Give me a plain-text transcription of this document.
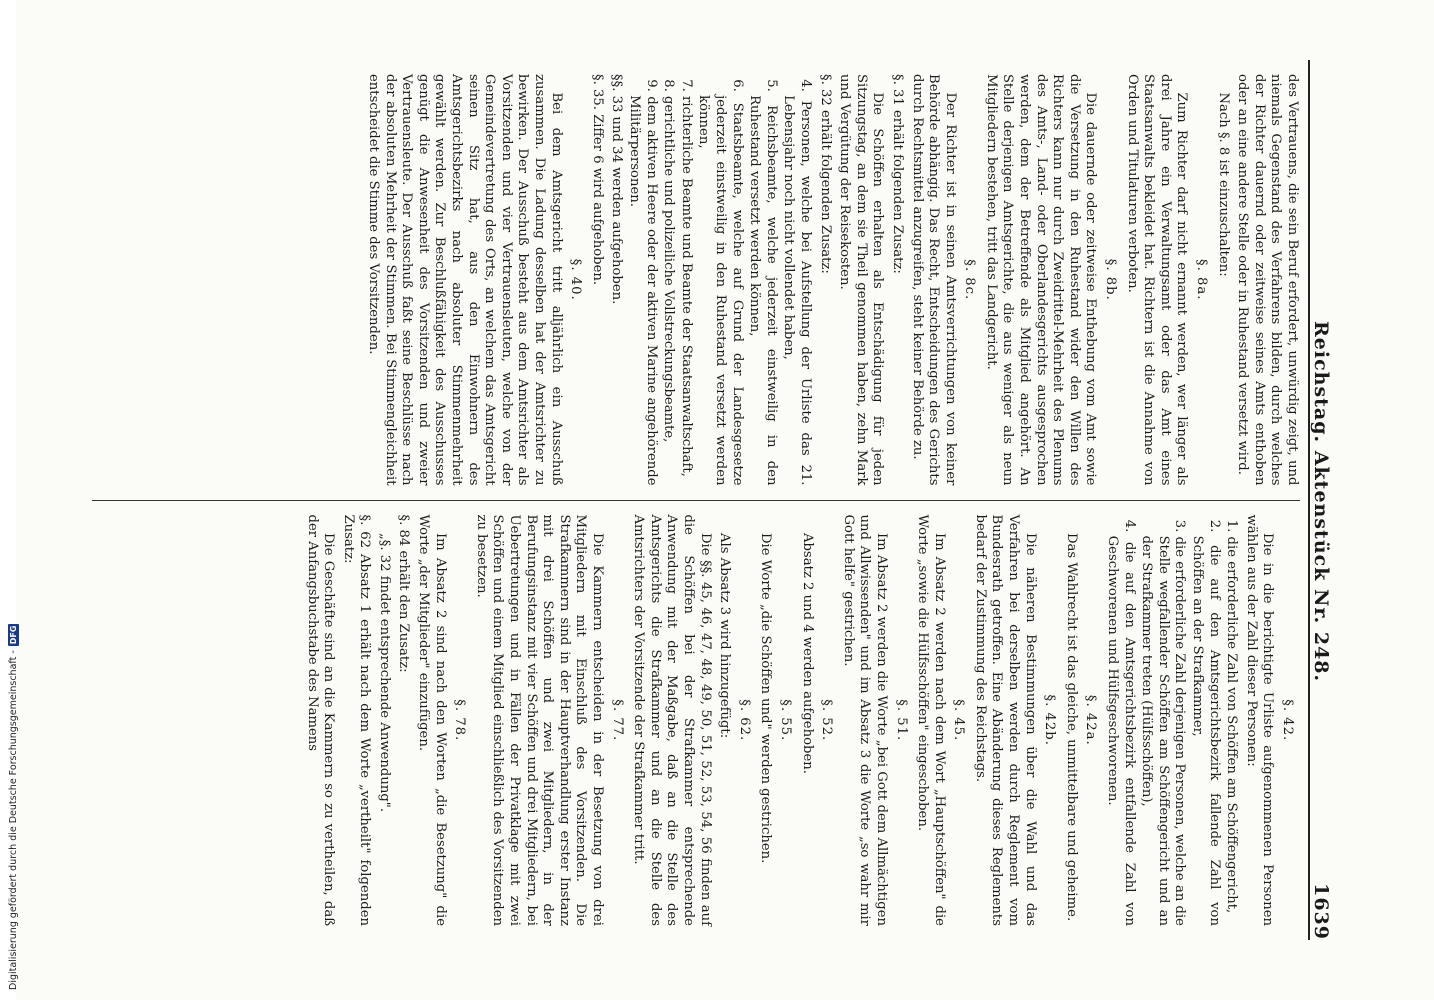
Reichstag. Aktenstück Nr. 248.
1639

des Vertrauens, die sein Beruf erfordert, unwürdig zeigt, und niemals Gegenstand des Verfahrens bilden, durch welches der Richter dauernd oder zeitweise seines Amts enthoben oder an eine andere Stelle oder in Ruhestand versetzt wird.

Nach §. 8 ist einzuschalten:

§. 8a.

Zum Richter darf nicht ernannt werden, wer länger als drei Jahre ein Verwaltungsamt oder das Amt eines Staatsanwalts bekleidet hat. Richtern ist die Annahme von Orden und Titulaturen verboten.

§. 8b.

Die dauernde oder zeitweise Enthebung vom Amt sowie die Versetzung in den Ruhestand wider den Willen des Richters kann nur durch Zweidrittel-Mehrheit des Plenums des Amts-, Land- oder Oberlandesgerichts ausgesprochen werden, dem der Betreffende als Mitglied angehört. An Stelle derjenigen Amtsgerichte, die aus weniger als neun Mitgliedern bestehen, tritt das Landgericht.

§. 8c.

Der Richter ist in seinen Amtsverrichtungen von keiner Behörde abhängig. Das Recht, Entscheidungen des Gerichts durch Rechtsmittel anzugreifen, steht keiner Behörde zu.

§. 31 erhält folgenden Zusatz:

Die Schöffen erhalten als Entschädigung für jeden Sitzungstag, an dem sie Theil genommen haben, zehn Mark und Vergütung der Reisekosten.

§. 32 erhält folgenden Zusatz:

4. Personen, welche bei Aufstellung der Urliste das 21. Lebensjahr noch nicht vollendet haben,
5. Reichsbeamte, welche jederzeit einstweilig in den Ruhestand versetzt werden können,
6. Staatsbeamte, welche auf Grund der Landesgesetze jederzeit einstweilig in den Ruhestand versetzt werden können,
7. richterliche Beamte und Beamte der Staatsanwaltschaft,
8. gerichtliche und polizeiliche Vollstreckungsbeamte,
9. dem aktiven Heere oder der aktiven Marine angehörende Militärpersonen.

§§. 33 und 34 werden aufgehoben.

§. 35. Ziffer 6 wird aufgehoben.

§. 40.

Bei dem Amtsgericht tritt alljährlich ein Ausschuß zusammen. Die Ladung desselben hat der Amtsrichter zu bewirken. Der Ausschuß besteht aus dem Amtsrichter als Vorsitzenden und vier Vertrauensleuten, welche von der Gemeindevertretung des Orts, an welchem das Amtsgericht seinen Sitz hat, aus den Einwohnern des Amtsgerichtsbezirks nach absoluter Stimmenmehrheit gewählt werden. Zur Beschlußfähigkeit des Ausschusses genügt die Anwesenheit des Vorsitzenden und zweier Vertrauensleute. Der Ausschuß faßt seine Beschlüsse nach der absoluten Mehrheit der Stimmen. Bei Stimmengleichheit entscheidet die Stimme des Vorsitzenden.

§. 42.

Die in die berichtigte Urliste aufgenommenen Personen wählen aus der Zahl dieser Personen:

1. die erforderliche Zahl von Schöffen am Schöffengericht,
2. die auf den Amtsgerichtsbezirk fallende Zahl von Schöffen an der Strafkammer,
3. die erforderliche Zahl derjenigen Personen, welche an die Stelle wegfallender Schöffen am Schöffengericht und an der Strafkammer treten (Hülfsschöffen),
4. die auf den Amtsgerichtsbezirk entfallende Zahl von Geschworenen und Hülfsgeschworenen.
§. 42a.

Das Wahlrecht ist das gleiche, unmittelbare und geheime.

§. 42b.

Die näheren Bestimmungen über die Wahl und das Verfahren bei derselben werden durch Reglement vom Bundesrath getroffen. Eine Abänderung dieses Reglements bedarf der Zustimmung des Reichstags.

§. 45.

Im Absatz 2 werden nach dem Wort „Hauptschöffen" die Worte „sowie die Hülfsschöffen" eingeschoben.

§. 51.

Im Absatz 2 werden die Worte „bei Gott dem Allmächtigen und Allwissenden" und im Absatz 3 die Worte „so wahr mir Gott helfe" gestrichen.

§. 52.

Absatz 2 und 4 werden aufgehoben.

§. 55.

Die Worte „die Schöffen und" werden gestrichen.

§. 62.

Als Absatz 3 wird hinzugefügt:

Die §§. 45, 46, 47, 48, 49, 50, 51, 52, 53, 54, 56 finden auf die Schöffen bei der Strafkammer entsprechende Anwendung mit der Maßgabe, daß an die Stelle des Amtsgerichts die Strafkammer und an die Stelle des Amtsrichters der Vorsitzende der Strafkammer tritt.

§. 77.

Die Kammern entscheiden in der Besetzung von drei Mitgliedern mit Einschluß des Vorsitzenden. Die Strafkammern sind in der Hauptverhandlung erster Instanz mit drei Schöffen und zwei Mitgliedern, in der Berufungsinstanz mit vier Schöffen und drei Mitgliedern, bei Uebertretungen und in Fällen der Privatklage mit zwei Schöffen und einem Mitglied einschließlich des Vorsitzenden zu besetzen.

§. 78.

Im Absatz 2 sind nach den Worten „die Besetzung" die Worte „der Mitglieder" einzufügen.

§. 84 erhält den Zusatz:

„§. 32 findet entsprechende Anwendung".

§. 62 Absatz 1 erhält nach dem Worte „vertheilt" folgenden Zusatz:

Die Geschäfte sind an die Kammern so zu vertheilen, daß der Anfangsbuchstabe des Namens

Digitalisierung gefördert durch die Deutsche Forschungsgemeinschaft -
DFG
